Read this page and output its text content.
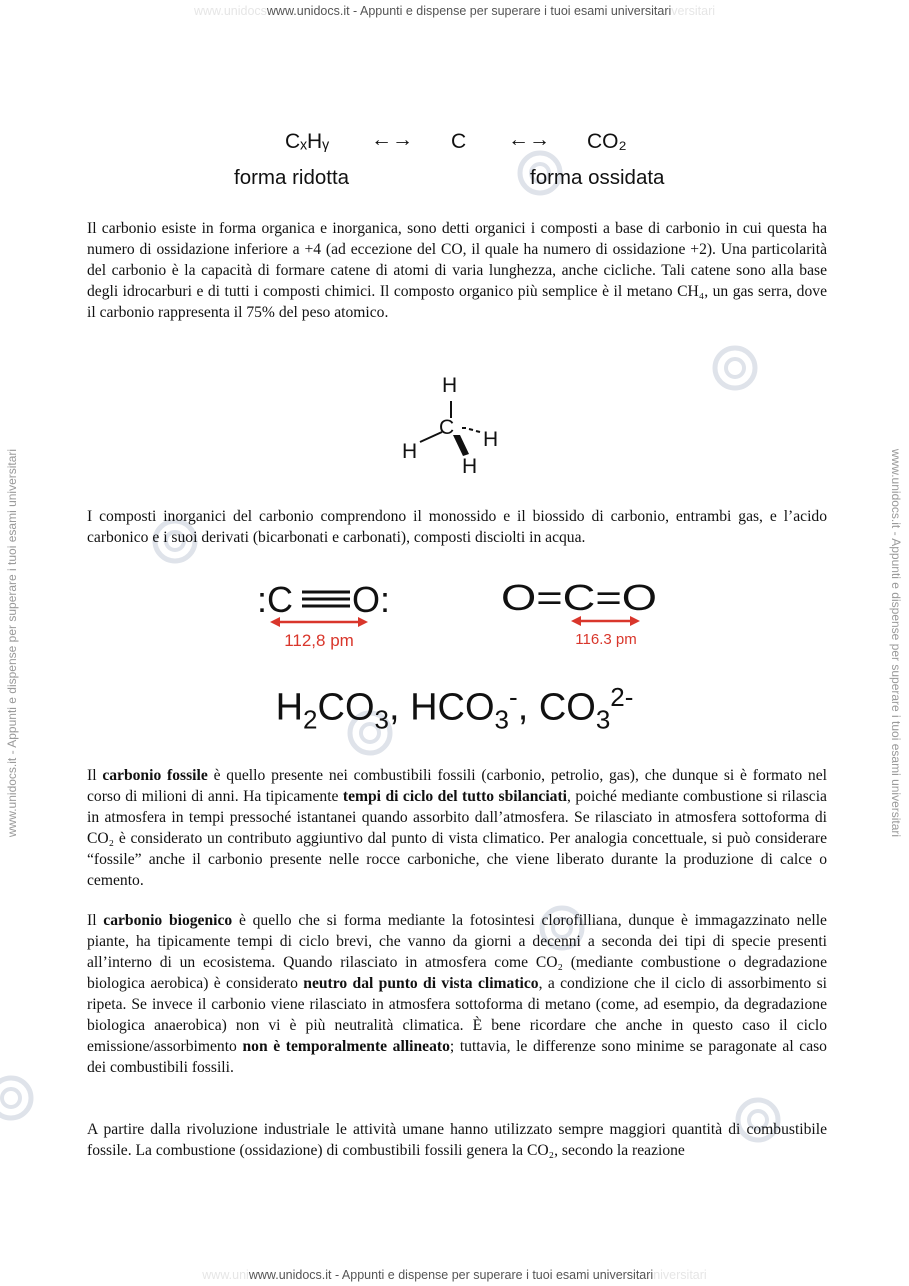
www.unidocswww.unidocs.it - Appunti e dispense per superare i tuoi esami universitariversitari
www.unidocs.it - Appunti e dispense per superare i tuoi esami universitari	www.unidocs.it - Appunti e dispense per superare i tuoi esami universitari
CₓHᵧ ←→ C ←→ CO₂
forma ridotta	forma ossidata

Il carbonio esiste in forma organica e inorganica, sono detti organici i composti a base di carbonio in cui questa ha numero di ossidazione inferiore a +4 (ad eccezione del CO, il quale ha numero di ossidazione +2). Una particolarità del carbonio è la capacità di formare catene di atomi di varia lunghezza, anche cicliche. Tali catene sono alla base degli idrocarburi e di tutti i composti chimici. Il composto organico più semplice è il metano CH₄, un gas serra, dove il carbonio rappresenta il 75% del peso atomico.

H
C
H
H
H

I composti inorganici del carbonio comprendono il monossido e il biossido di carbonio, entrambi gas, e l’acido carbonico e i suoi derivati (bicarbonati e carbonati), composti disciolti in acqua.

:C O:
112,8 pm
O=C=O
116.3 pm
$H_2CO_3$, $HCO_3^-$, $CO_3^{2-}$

Il carbonio fossile è quello presente nei combustibili fossili (carbonio, petrolio, gas), che dunque si è formato nel corso di milioni di anni. Ha tipicamente tempi di ciclo del tutto sbilanciati, poiché mediante combustione si rilascia in atmosfera in tempi pressoché istantanei quando assorbito dall’atmosfera. Se rilasciato in atmosfera sottoforma di CO₂ è considerato un contributo aggiuntivo dal punto di vista climatico. Per analogia concettuale, si può considerare “fossile” anche il carbonio presente nelle rocce carboniche, che viene liberato durante la produzione di calce o cemento.

Il carbonio biogenico è quello che si forma mediante la fotosintesi clorofilliana, dunque è immagazzinato nelle piante, ha tipicamente tempi di ciclo brevi, che vanno da giorni a decenni a seconda dei tipi di specie presenti all’interno di un ecosistema. Quando rilasciato in atmosfera come CO₂ (mediante combustione o degradazione biologica aerobica) è considerato neutro dal punto di vista climatico, a condizione che il ciclo di assorbimento si ripeta. Se invece il carbonio viene rilasciato in atmosfera sottoforma di metano (come, ad esempio, da degradazione biologica anaerobica) non vi è più neutralità climatica. È bene ricordare che anche in questo caso il ciclo emissione/assorbimento non è temporalmente allineato; tuttavia, le differenze sono minime se paragonate al caso dei combustibili fossili.

A partire dalla rivoluzione industriale le attività umane hanno utilizzato sempre maggiori quantità di combustibile fossile. La combustione (ossidazione) di combustibili fossili genera la CO₂, secondo la reazione

www.uniwww.unidocs.it - Appunti e dispense per superare i tuoi esami universitariniversitari
